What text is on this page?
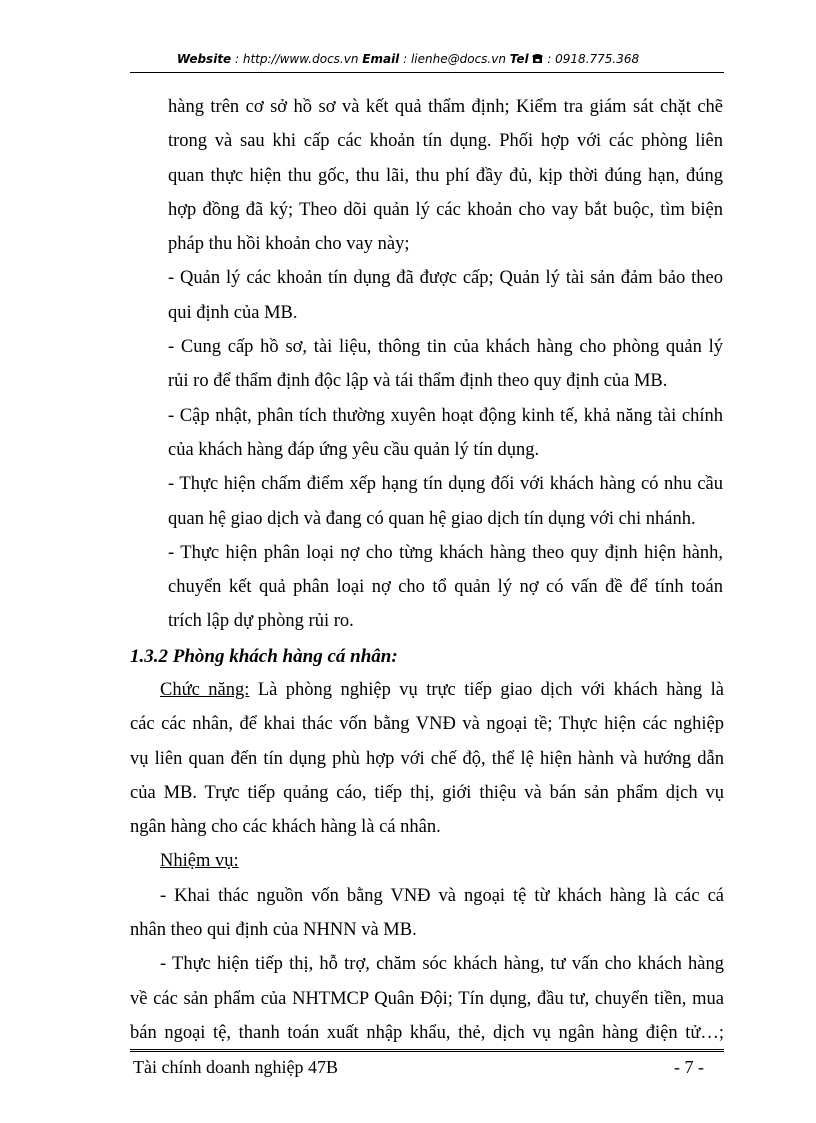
Website : http://www.docs.vn Email : lienhe@docs.vn Tel  : 0918.775.368
hàng trên cơ sở hồ sơ và kết quả thẩm định; Kiểm tra giám sát chặt chẽ
trong và sau khi cấp các khoản tín dụng. Phối hợp với các phòng liên
quan thực hiện thu gốc, thu lãi, thu phí đầy đủ, kịp thời đúng hạn, đúng
hợp đồng đã ký; Theo dõi quản lý các khoản cho vay bắt buộc, tìm biện
pháp thu hồi khoản cho vay này;
- Quản lý các khoản tín dụng đã được cấp; Quản lý tài sản đảm bảo theo
qui định của MB.
- Cung cấp hồ sơ, tài liệu, thông tin của khách hàng cho phòng quản lý
rủi ro để thẩm định độc lập và tái thẩm định theo quy định của MB.
- Cập nhật, phân tích thường xuyên hoạt động kinh tế, khả năng tài chính
của khách hàng đáp ứng yêu cầu quản lý tín dụng.
- Thực hiện chấm điểm xếp hạng tín dụng đối với khách hàng có nhu cầu
quan hệ giao dịch và đang có quan hệ giao dịch tín dụng với chi nhánh.
- Thực hiện phân loại nợ cho từng khách hàng theo quy định hiện hành,
chuyển kết quả phân loại nợ cho tổ quản lý nợ có vấn đề để tính toán
trích lập dự phòng rủi ro.
1.3.2 Phòng khách hàng cá nhân:
Chức năng: Là phòng nghiệp vụ trực tiếp giao dịch với khách hàng là
các các nhân, để khai thác vốn bằng VNĐ và ngoại tề; Thực hiện các nghiệp
vụ liên quan đến tín dụng phù hợp với chế độ, thể lệ hiện hành và hướng dẫn
của MB. Trực tiếp quảng cáo, tiếp thị, giới thiệu và bán sản phẩm dịch vụ
ngân hàng cho các khách hàng là cá nhân.
Nhiệm vụ:
- Khai thác nguồn vốn bằng VNĐ và ngoại tệ từ khách hàng là các cá
nhân theo qui định của NHNN và MB.
- Thực hiện tiếp thị, hỗ trợ, chăm sóc khách hàng, tư vấn cho khách hàng
về các sản phẩm của NHTMCP Quân Đội; Tín dụng, đầu tư, chuyển tiền, mua
bán ngoại tệ, thanh toán xuất nhập khẩu, thẻ, dịch vụ ngân hàng điện tử…;
Tài chính doanh nghiệp 47B	- 7 -
